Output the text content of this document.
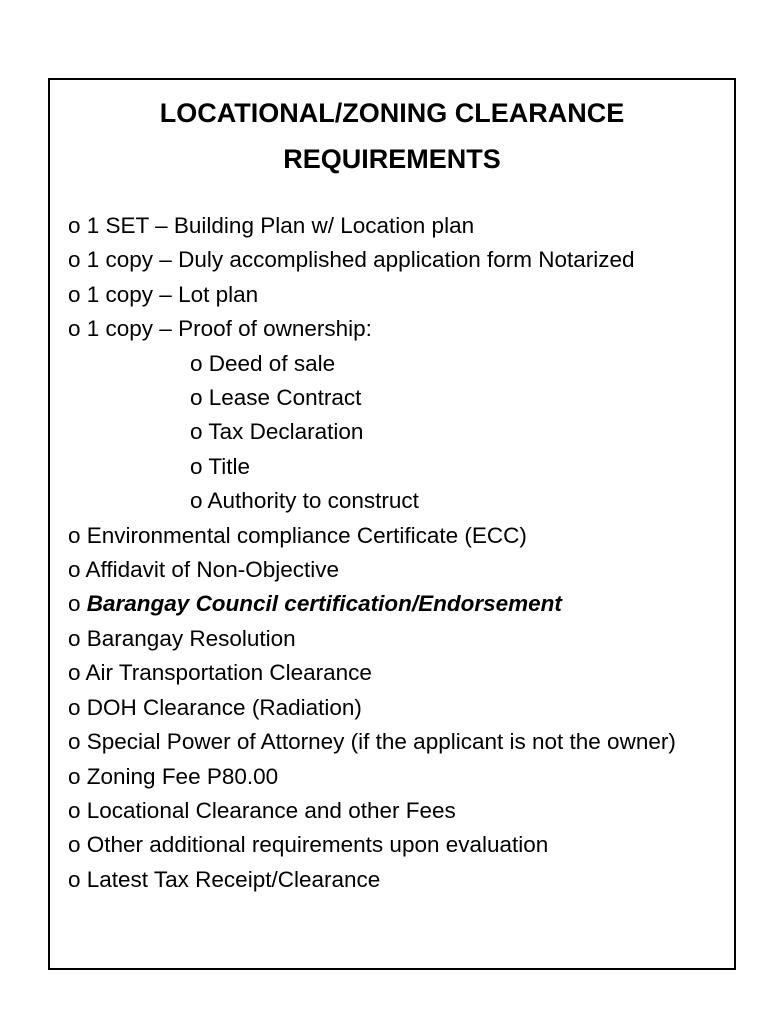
LOCATIONAL/ZONING CLEARANCE
REQUIREMENTS
o 1 SET – Building Plan w/ Location plan
o 1 copy – Duly accomplished application form Notarized
o 1 copy – Lot plan
o 1 copy – Proof of ownership:
o Deed of sale
o Lease Contract
o Tax Declaration
o Title
o Authority to construct
o Environmental compliance Certificate (ECC)
o Affidavit of Non-Objective
o Barangay Council certification/Endorsement
o Barangay Resolution
o Air Transportation Clearance
o DOH Clearance (Radiation)
o Special Power of Attorney (if the applicant is not the owner)
o Zoning Fee P80.00
o Locational Clearance and other Fees
o Other additional requirements upon evaluation
o Latest Tax Receipt/Clearance
